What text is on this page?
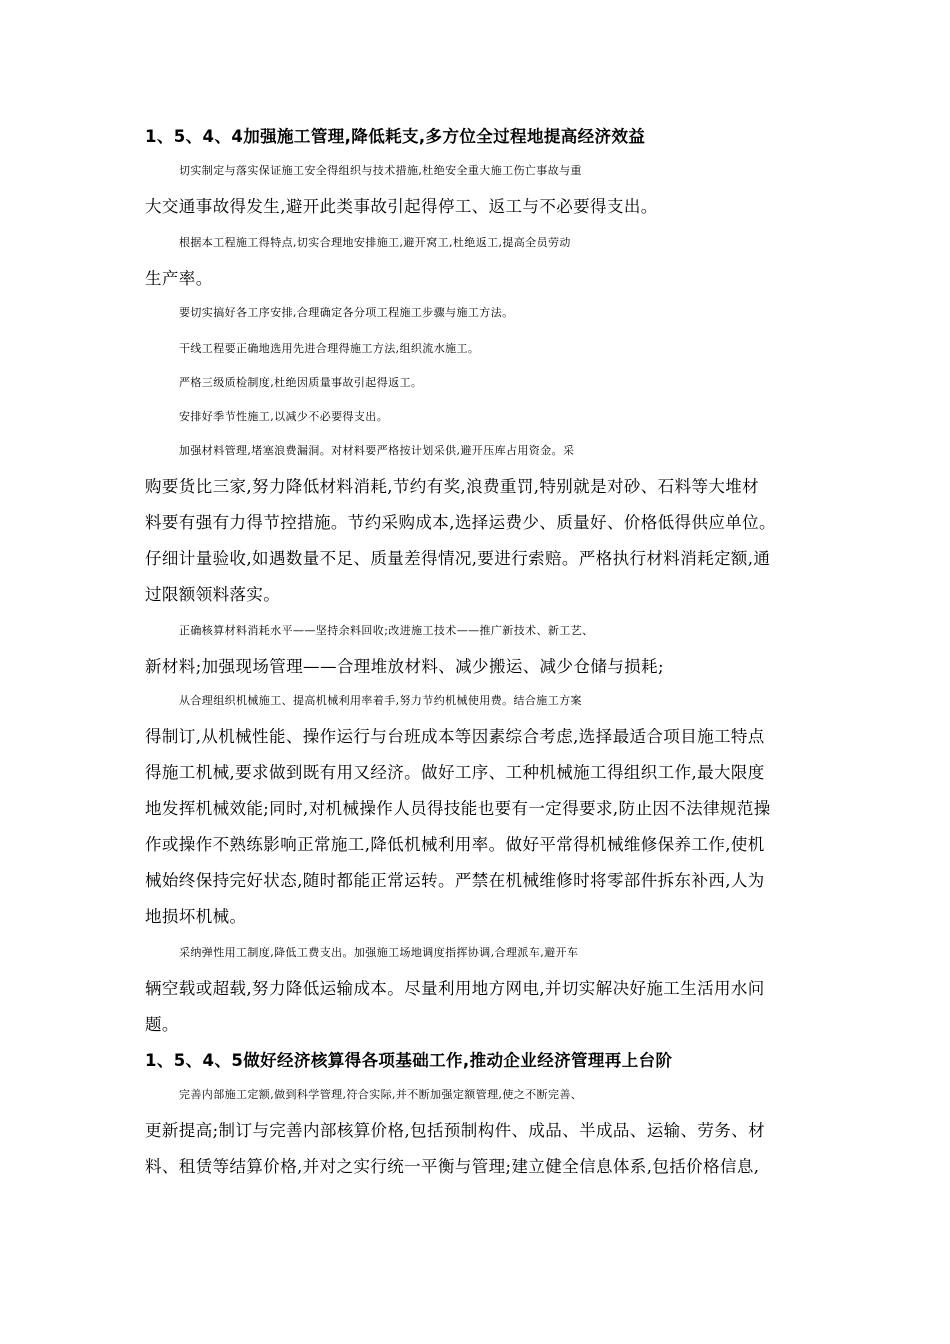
1、5、4、4加强施工管理,降低耗支,多方位全过程地提高经济效益
切实制定与落实保证施工安全得组织与技术措施,杜绝安全重大施工伤亡事故与重
大交通事故得发生,避开此类事故引起得停工、返工与不必要得支出。
根据本工程施工得特点,切实合理地安排施工,避开窝工,杜绝返工,提高全员劳动
生产率。
要切实搞好各工序安排,合理确定各分项工程施工步骤与施工方法。
干线工程要正确地选用先进合理得施工方法,组织流水施工。
严格三级质检制度,杜绝因质量事故引起得返工。
安排好季节性施工,以减少不必要得支出。
加强材料管理,堵塞浪费漏洞。对材料要严格按计划采供,避开压库占用资金。采
购要货比三家,努力降低材料消耗,节约有奖,浪费重罚,特别就是对砂、石料等大堆材
料要有强有力得节控措施。节约采购成本,选择运费少、质量好、价格低得供应单位。
仔细计量验收,如遇数量不足、质量差得情况,要进行索赔。严格执行材料消耗定额,通
过限额领料落实。
正确核算材料消耗水平——坚持余料回收;改进施工技术——推广新技术、新工艺、
新材料;加强现场管理——合理堆放材料、减少搬运、减少仓储与损耗;
从合理组织机械施工、提高机械利用率着手,努力节约机械使用费。结合施工方案
得制订,从机械性能、操作运行与台班成本等因素综合考虑,选择最适合项目施工特点
得施工机械,要求做到既有用又经济。做好工序、工种机械施工得组织工作,最大限度
地发挥机械效能;同时,对机械操作人员得技能也要有一定得要求,防止因不法律规范操
作或操作不熟练影响正常施工,降低机械利用率。做好平常得机械维修保养工作,使机
械始终保持完好状态,随时都能正常运转。严禁在机械维修时将零部件拆东补西,人为
地损坏机械。
采纳弹性用工制度,降低工费支出。加强施工场地调度指挥协调,合理派车,避开车
辆空载或超载,努力降低运输成本。尽量利用地方网电,并切实解决好施工生活用水问
题。
1、5、4、5做好经济核算得各项基础工作,推动企业经济管理再上台阶
完善内部施工定额,做到科学管理,符合实际,并不断加强定额管理,使之不断完善、
更新提高;制订与完善内部核算价格,包括预制构件、成品、半成品、运输、劳务、材
料、租赁等结算价格,并对之实行统一平衡与管理;建立健全信息体系,包括价格信息,
